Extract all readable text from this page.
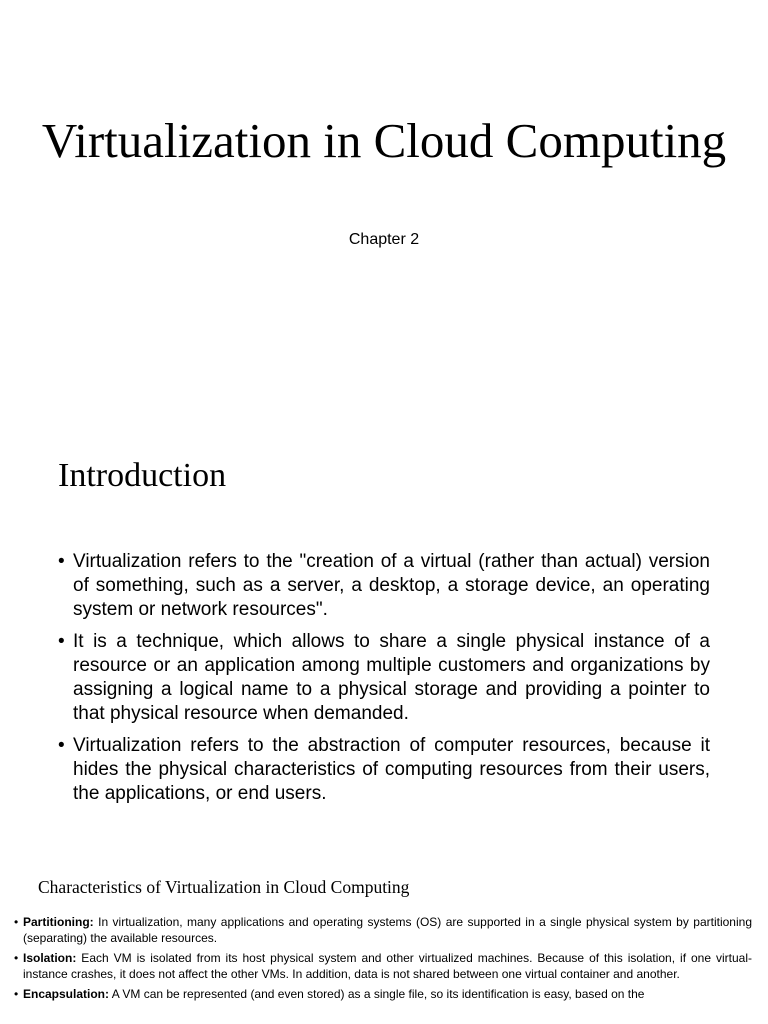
Virtualization in Cloud Computing
Chapter 2
Introduction
• Virtualization refers to the "creation of a virtual (rather than actual) version of something, such as a server, a desktop, a storage device, an operating system or network resources".
• It is a technique, which allows to share a single physical instance of a resource or an application among multiple customers and organizations by assigning a logical name to a physical storage and providing a pointer to that physical resource when demanded.
• Virtualization refers to the abstraction of computer resources, because it hides the physical characteristics of computing resources from their users, the applications, or end users.
Characteristics of Virtualization in Cloud Computing
• Partitioning: In virtualization, many applications and operating systems (OS) are supported in a single physical system by partitioning (separating) the available resources.
• Isolation: Each VM is isolated from its host physical system and other virtualized machines. Because of this isolation, if one virtual-instance crashes, it does not affect the other VMs. In addition, data is not shared between one virtual container and another.
• Encapsulation: A VM can be represented (and even stored) as a single file, so its identification is easy, based on the
